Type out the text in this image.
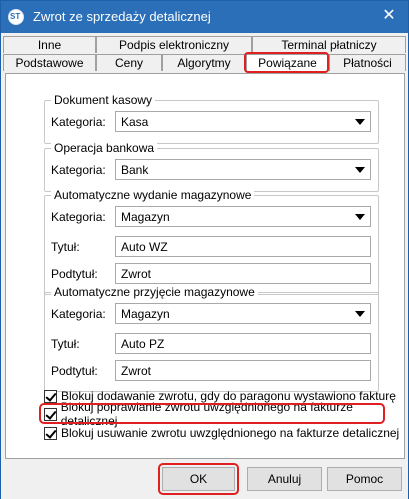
ST
Zwrot ze sprzedaży detalicznej	✕
Inne	Podpis elektroniczny	Terminal płatniczy
Podstawowe	Ceny	Algorytmy	Powiązane	Płatności
Dokument kasowy
Kategoria: Kasa
Operacja bankowa
Kategoria: Bank
Automatyczne wydanie magazynowe
Kategoria: Magazyn
Tytuł:	Auto WZ
Podtytuł: Zwrot
Automatyczne przyjęcie magazynowe
Kategoria: Magazyn
Tytuł:	Auto PZ
Podtytuł: Zwrot
Blokuj dodawanie zwrotu, gdy do paragonu wystawiono fakturę
Blokuj poprawianie zwrotu uwzględnionego na fakturze detalicznej
Blokuj usuwanie zwrotu uwzględnionego na fakturze detalicznej
OK	Anuluj	Pomoc
